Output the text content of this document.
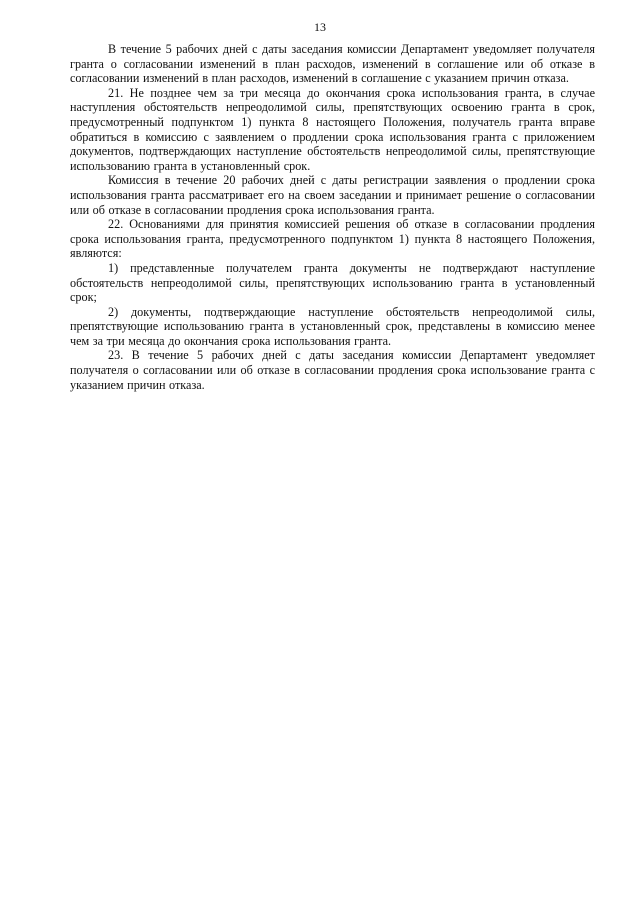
13

В течение 5 рабочих дней с даты заседания комиссии Департамент уведомляет получателя гранта о согласовании изменений в план расходов, изменений в соглашение или об отказе в согласовании изменений в план расходов, изменений в соглашение с указанием причин отказа.

21. Не позднее чем за три месяца до окончания срока использования гранта, в случае наступления обстоятельств непреодолимой силы, препятствующих освоению гранта в срок, предусмотренный подпунктом 1) пункта 8 настоящего Положения, получатель гранта вправе обратиться в комиссию с заявлением о продлении срока использования гранта с приложением документов, подтверждающих наступление обстоятельств непреодолимой силы, препятствующие использованию гранта в установленный срок.

Комиссия в течение 20 рабочих дней с даты регистрации заявления о продлении срока использования гранта рассматривает его на своем заседании и принимает решение о согласовании или об отказе в согласовании продления срока использования гранта.

22. Основаниями для принятия комиссией решения об отказе в согласовании продления срока использования гранта, предусмотренного подпунктом 1) пункта 8 настоящего Положения, являются:

1) представленные получателем гранта документы не подтверждают наступление обстоятельств непреодолимой силы, препятствующих использованию гранта в установленный срок;

2) документы, подтверждающие наступление обстоятельств непреодолимой силы, препятствующие использованию гранта в установленный срок, представлены в комиссию менее чем за три месяца до окончания срока использования гранта.

23. В течение 5 рабочих дней с даты заседания комиссии Департамент уведомляет получателя о согласовании или об отказе в согласовании продления срока использование гранта с указанием причин отказа.
